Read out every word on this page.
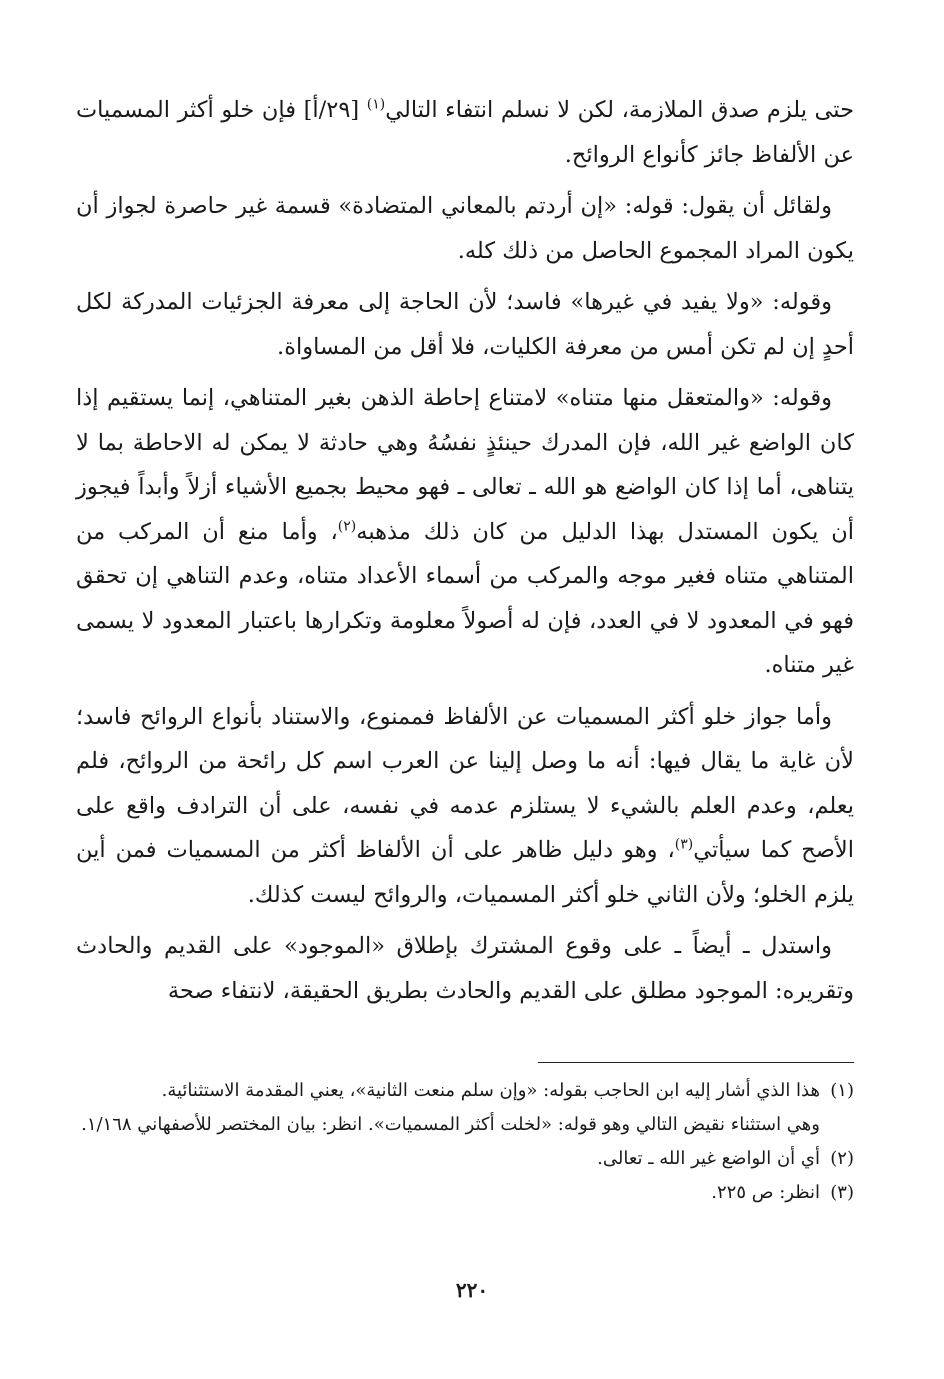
حتى يلزم صدق الملازمة، لكن لا نسلم انتفاء التالي$^{(١)}$ [٢٩/أ] فإن خلو أكثر المسميات عن الألفاظ جائز كأنواع الروائح.

ولقائل أن يقول: قوله: «إن أردتم بالمعاني المتضادة» قسمة غير حاصرة لجواز أن يكون المراد المجموع الحاصل من ذلك كله.

وقوله: «ولا يفيد في غيرها» فاسد؛ لأن الحاجة إلى معرفة الجزئيات المدركة لكل أحدٍ إن لم تكن أمس من معرفة الكليات، فلا أقل من المساواة.

وقوله: «والمتعقل منها متناه» لامتناع إحاطة الذهن بغير المتناهي، إنما يستقيم إذا كان الواضع غير الله، فإن المدرك حينئذٍ نفسُهُ وهي حادثة لا يمكن له الاحاطة بما لا يتناهى، أما إذا كان الواضع هو الله ـ تعالى ـ فهو محيط بجميع الأشياء أزلاً وأبداً فيجوز أن يكون المستدل بهذا الدليل من كان ذلك مذهبه$^{(٢)}$، وأما منع أن المركب من المتناهي متناه فغير موجه والمركب من أسماء الأعداد متناه، وعدم التناهي إن تحقق فهو في المعدود لا في العدد، فإن له أصولاً معلومة وتكرارها باعتبار المعدود لا يسمى غير متناه.

وأما جواز خلو أكثر المسميات عن الألفاظ فممنوع، والاستناد بأنواع الروائح فاسد؛ لأن غاية ما يقال فيها: أنه ما وصل إلينا عن العرب اسم كل رائحة من الروائح، فلم يعلم، وعدم العلم بالشيء لا يستلزم عدمه في نفسه، على أن الترادف واقع على الأصح كما سيأتي$^{(٣)}$، وهو دليل ظاهر على أن الألفاظ أكثر من المسميات فمن أين يلزم الخلو؛ ولأن الثاني خلو أكثر المسميات، والروائح ليست كذلك.

واستدل ـ أيضاً ـ على وقوع المشترك بإطلاق «الموجود» على القديم والحادث وتقريره: الموجود مطلق على القديم والحادث بطريق الحقيقة، لانتفاء صحة

(١)هذا الذي أشار إليه ابن الحاجب بقوله: «وإن سلم منعت الثانية»، يعني المقدمة الاستثنائية.

وهي استثناء نقيض التالي وهو قوله: «لخلت أكثر المسميات». انظر: بيان المختصر للأصفهاني ١/١٦٨.

(٢)أي أن الواضع غير الله ـ تعالى.

(٣)انظر: ص ٢٢٥.

٢٢٠
